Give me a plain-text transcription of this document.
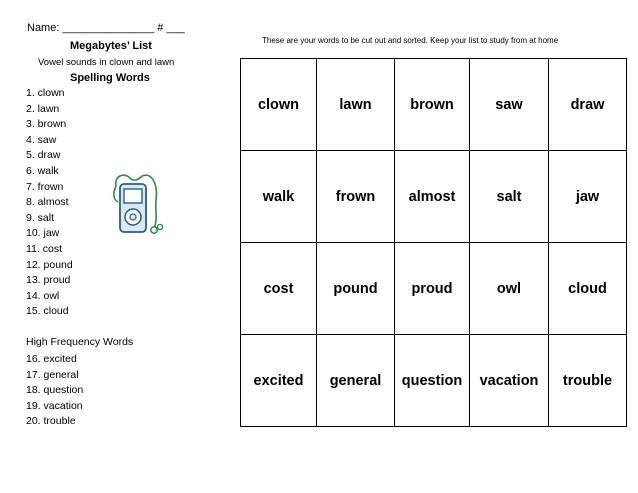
Name: _______________ # ___
Megabytes’ List
Vowel sounds in clown and lawn
Spelling Words
1. clown
2. lawn
3. brown
4. saw
5. draw
6. walk
7. frown
8. almost
9. salt
10. jaw
11. cost
12. pound
13. proud
14. owl
15. cloud
High Frequency Words
16. excited
17. general
18. question
19. vacation
20. trouble
These are your words to be cut out and sorted. Keep your list to study from at home
clown	lawn	brown	saw	draw
walk	frown	almost	salt	jaw
cost	pound	proud	owl	cloud
excited	general	question	vacation	trouble
